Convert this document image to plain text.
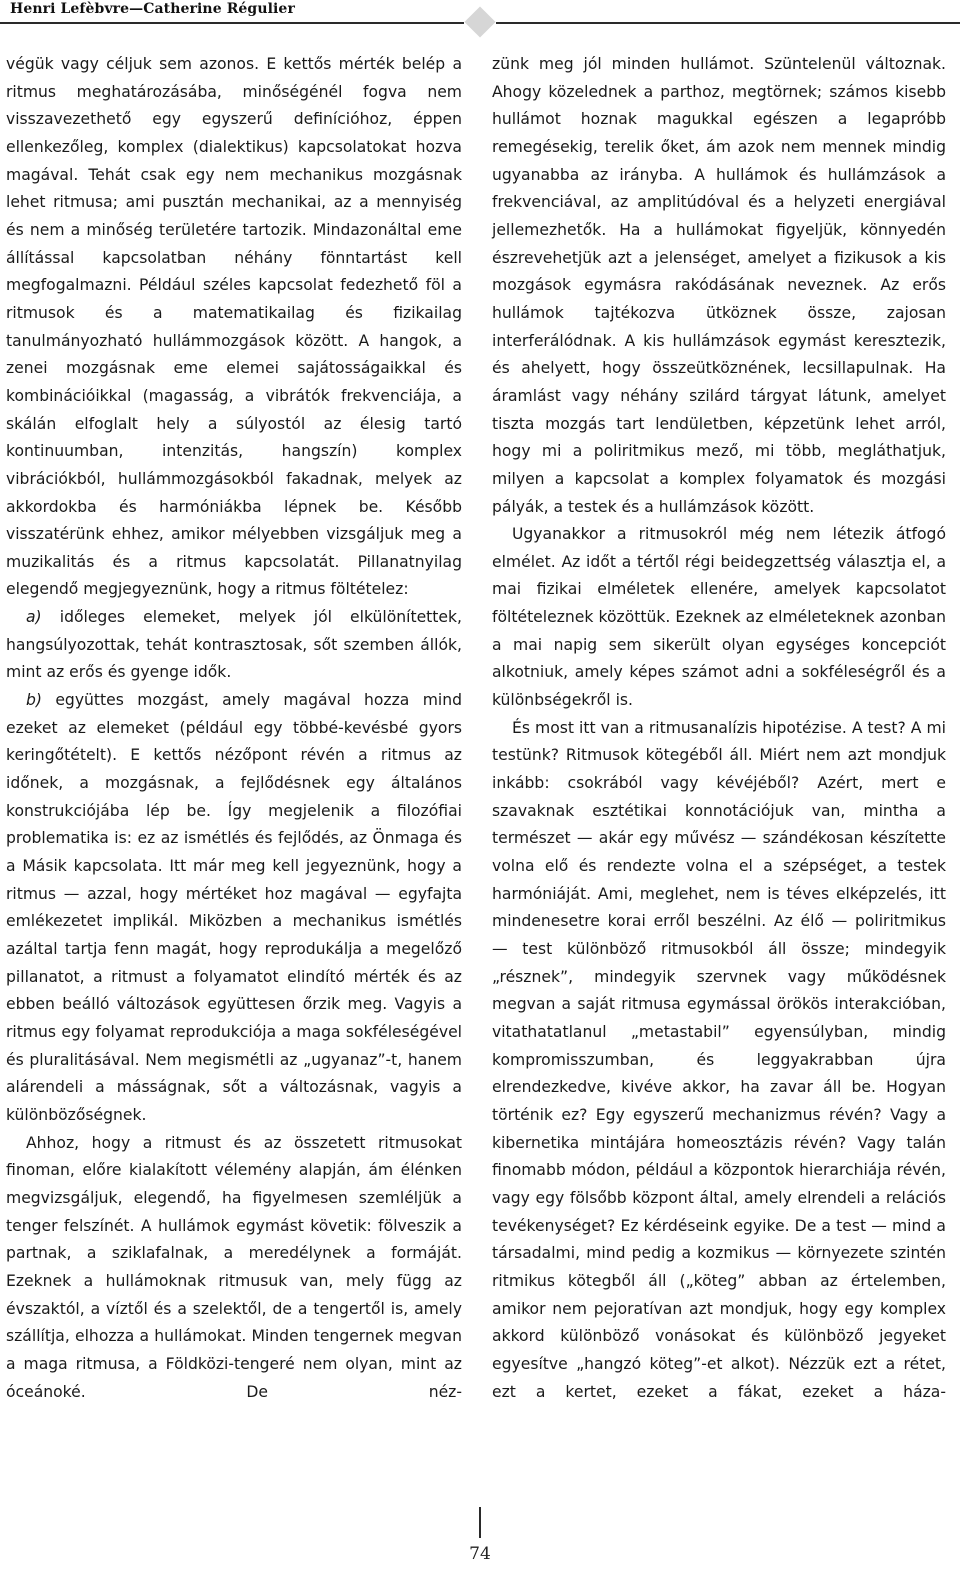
Henri Lefèbvre—Catherine Régulier

végük vagy céljuk sem azonos. E kettős mérték belép a ritmus meghatározásába, minőségénél fogva nem visszavezethető egy egyszerű definícióhoz, éppen ellenkezőleg, komplex (dialektikus) kapcsolatokat hozva magával. Tehát csak egy nem mechanikus mozgásnak lehet ritmusa; ami pusztán mechanikai, az a mennyiség és nem a minőség területére tartozik. Mindazonáltal eme állítással kapcsolatban néhány fönntartást kell megfogalmazni. Például széles kapcsolat fedezhető föl a ritmusok és a matematikailag és fizikailag tanulmányozható hullámmozgások között. A hangok, a zenei mozgásnak eme elemei sajátosságaikkal és kombinációikkal (magasság, a vibrátók frekvenciája, a skálán elfoglalt hely a súlyostól az élesig tartó kontinuumban, intenzitás, hangszín) komplex vibrációkból, hullámmozgásokból fakadnak, melyek az akkordokba és harmóniákba lépnek be. Később visszatérünk ehhez, amikor mélyebben vizsgáljuk meg a muzikalitás és a ritmus kapcsolatát. Pillanatnyilag elegendő megjegyeznünk, hogy a ritmus föltételez:

a) időleges elemeket, melyek jól elkülönítettek, hangsúlyozottak, tehát kontrasztosak, sőt szemben állók, mint az erős és gyenge idők.

b) együttes mozgást, amely magával hozza mind ezeket az elemeket (például egy többé-kevésbé gyors keringőtételt). E kettős nézőpont révén a ritmus az időnek, a mozgásnak, a fejlődésnek egy általános konstrukciójába lép be. Így megjelenik a filozófiai problematika is: ez az ismétlés és fejlődés, az Önmaga és a Másik kapcsolata. Itt már meg kell jegyeznünk, hogy a ritmus — azzal, hogy mértéket hoz magával — egyfajta emlékezetet implikál. Miközben a mechanikus ismétlés azáltal tartja fenn magát, hogy reprodukálja a megelőző pillanatot, a ritmust a folyamatot elindító mérték és az ebben beálló változások együttesen őrzik meg. Vagyis a ritmus egy folyamat reprodukciója a maga sokféleségével és pluralitásával. Nem megismétli az „ugyanaz”-t, hanem alárendeli a másságnak, sőt a változásnak, vagyis a különbözőségnek.

Ahhoz, hogy a ritmust és az összetett ritmusokat finoman, előre kialakított vélemény alapján, ám élénken megvizsgáljuk, elegendő, ha figyelmesen szemléljük a tenger felszínét. A hullámok egymást követik: fölveszik a partnak, a sziklafalnak, a meredélynek a formáját. Ezeknek a hullámoknak ritmusuk van, mely függ az évszaktól, a víztől és a szelektől, de a tengertől is, amely szállítja, elhozza a hullámokat. Minden tengernek megvan a maga ritmusa, a Földközi-tengeré nem olyan, mint az óceánoké. De néz-

zünk meg jól minden hullámot. Szüntelenül változnak. Ahogy közelednek a parthoz, megtörnek; számos kisebb hullámot hoznak magukkal egészen a legapróbb remegésekig, terelik őket, ám azok nem mennek mindig ugyanabba az irányba. A hullámok és hullámzások a frekvenciával, az amplitúdóval és a helyzeti energiával jellemezhetők. Ha a hullámokat figyeljük, könnyedén észrevehetjük azt a jelenséget, amelyet a fizikusok a kis mozgások egymásra rakódásának neveznek. Az erős hullámok tajtékozva ütköznek össze, zajosan interferálódnak. A kis hullámzások egymást keresztezik, és ahelyett, hogy összeütköznének, lecsillapulnak. Ha áramlást vagy néhány szilárd tárgyat látunk, amelyet tiszta mozgás tart lendületben, képzetünk lehet arról, hogy mi a poliritmikus mező, mi több, megláthatjuk, milyen a kapcsolat a komplex folyamatok és mozgási pályák, a testek és a hullámzások között.

Ugyanakkor a ritmusokról még nem létezik átfogó elmélet. Az időt a tértől régi beidegzettség választja el, a mai fizikai elméletek ellenére, amelyek kapcsolatot föltételeznek közöttük. Ezeknek az elméleteknek azonban a mai napig sem sikerült olyan egységes koncepciót alkotniuk, amely képes számot adni a sokféleségről és a különbségekről is.

És most itt van a ritmusanalízis hipotézise. A test? A mi testünk? Ritmusok kötegéből áll. Miért nem azt mondjuk inkább: csokrából vagy kévéjéből? Azért, mert e szavaknak esztétikai konnotációjuk van, mintha a természet — akár egy művész — szándékosan készítette volna elő és rendezte volna el a szépséget, a testek harmóniáját. Ami, meglehet, nem is téves elképzelés, itt mindenesetre korai erről beszélni. Az élő — poliritmikus — test különböző ritmusokból áll össze; mindegyik „résznek”, mindegyik szervnek vagy működésnek megvan a saját ritmusa egymással örökös interakcióban, vitathatatlanul „metastabil” egyensúlyban, mindig kompromisszumban, és leggyakrabban újra elrendezkedve, kivéve akkor, ha zavar áll be. Hogyan történik ez? Egy egyszerű mechanizmus révén? Vagy a kibernetika mintájára homeosztázis révén? Vagy talán finomabb módon, például a központok hierarchiája révén, vagy egy fölsőbb központ által, amely elrendeli a relációs tevékenységet? Ez kérdéseink egyike. De a test — mind a társadalmi, mind pedig a kozmikus — környezete szintén ritmikus kötegből áll („köteg” abban az értelemben, amikor nem pejoratívan azt mondjuk, hogy egy komplex akkord különböző vonásokat és különböző jegyeket egyesítve „hangzó köteg”-et alkot). Nézzük ezt a rétet, ezt a kertet, ezeket a fákat, ezeket a háza-

74
